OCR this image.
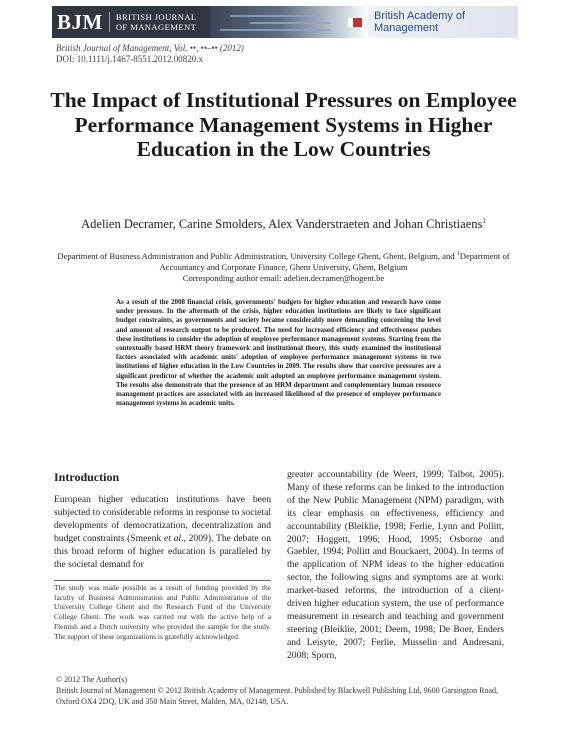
BJM BRITISH JOURNAL
OF MANAGEMENT
British Academy of Management
British Journal of Management, Vol. ••, ••–•• (2012)
DOI: 10.1111/j.1467-8551.2012.00820.x
The Impact of Institutional Pressures on Employee Performance Management Systems in Higher Education in the Low Countries
Adelien Decramer, Carine Smolders, Alex Vanderstraeten and Johan Christiaens$^1$
Department of Business Administration and Public Administration, University College Ghent, Ghent, Belgium, and $^1$Department of Accountancy and Corporate Finance, Ghent University, Ghent, Belgium
Corresponding author email: adelien.decramer@hogent.be

As a result of the 2008 financial crisis, governments' budgets for higher education and research have come under pressure. In the aftermath of the crisis, higher education institutions are likely to face significant budget constraints, as governments and society became considerably more demanding concerning the level and amount of research output to be produced. The need for increased efficiency and effectiveness pushes these institutions to consider the adoption of employee performance management systems. Starting from the contextually based HRM theory framework and institutional theory, this study examined the institutional factors associated with academic units' adoption of employee performance management systems in two institutions of higher education in the Low Countries in 2009. The results show that coercive pressures are a significant predictor of whether the academic unit adopted an employee performance management system. The results also demonstrate that the presence of an HRM department and complementary human resource management practices are associated with an increased likelihood of the presence of employee performance management systems in academic units.

Introduction

European higher education institutions have been subjected to considerable reforms in response to societal developments of democratization, decentralization and budget constraints (Smeenk et al., 2009). The debate on this broad reform of higher education is paralleled by the societal demand for

The study was made possible as a result of funding provided by the faculty of Business Administration and Public Administration of the University College Ghent and the Research Fund of the University College Ghent. The work was carried out with the active help of a Flemish and a Dutch university who provided the sample for the study. The support of these organizations is gratefully acknowledged.

greater accountability (de Weert, 1999; Talbot, 2005). Many of these reforms can be linked to the introduction of the New Public Management (NPM) paradigm, with its clear emphasis on effectiveness, efficiency and accountability (Bleiklie, 1998; Ferlie, Lynn and Pollitt, 2007; Hoggett, 1996; Hood, 1995; Osborne and Gaebler, 1994; Pollitt and Bouckaert, 2004). In terms of the application of NPM ideas to the higher education sector, the following signs and symptoms are at work: market-based reforms, the introduction of a client-driven higher education system, the use of performance measurement in research and teaching and government steering (Bleiklie, 2001; Deem, 1998; De Boer, Enders and Leisyte, 2007; Ferlie, Musselin and Andresani, 2008; Sporn,

© 2012 The Author(s)
British Journal of Management © 2012 British Academy of Management. Published by Blackwell Publishing Ltd, 9600 Garsington Road, Oxford OX4 2DQ, UK and 350 Main Street, Malden, MA, 02148, USA.
